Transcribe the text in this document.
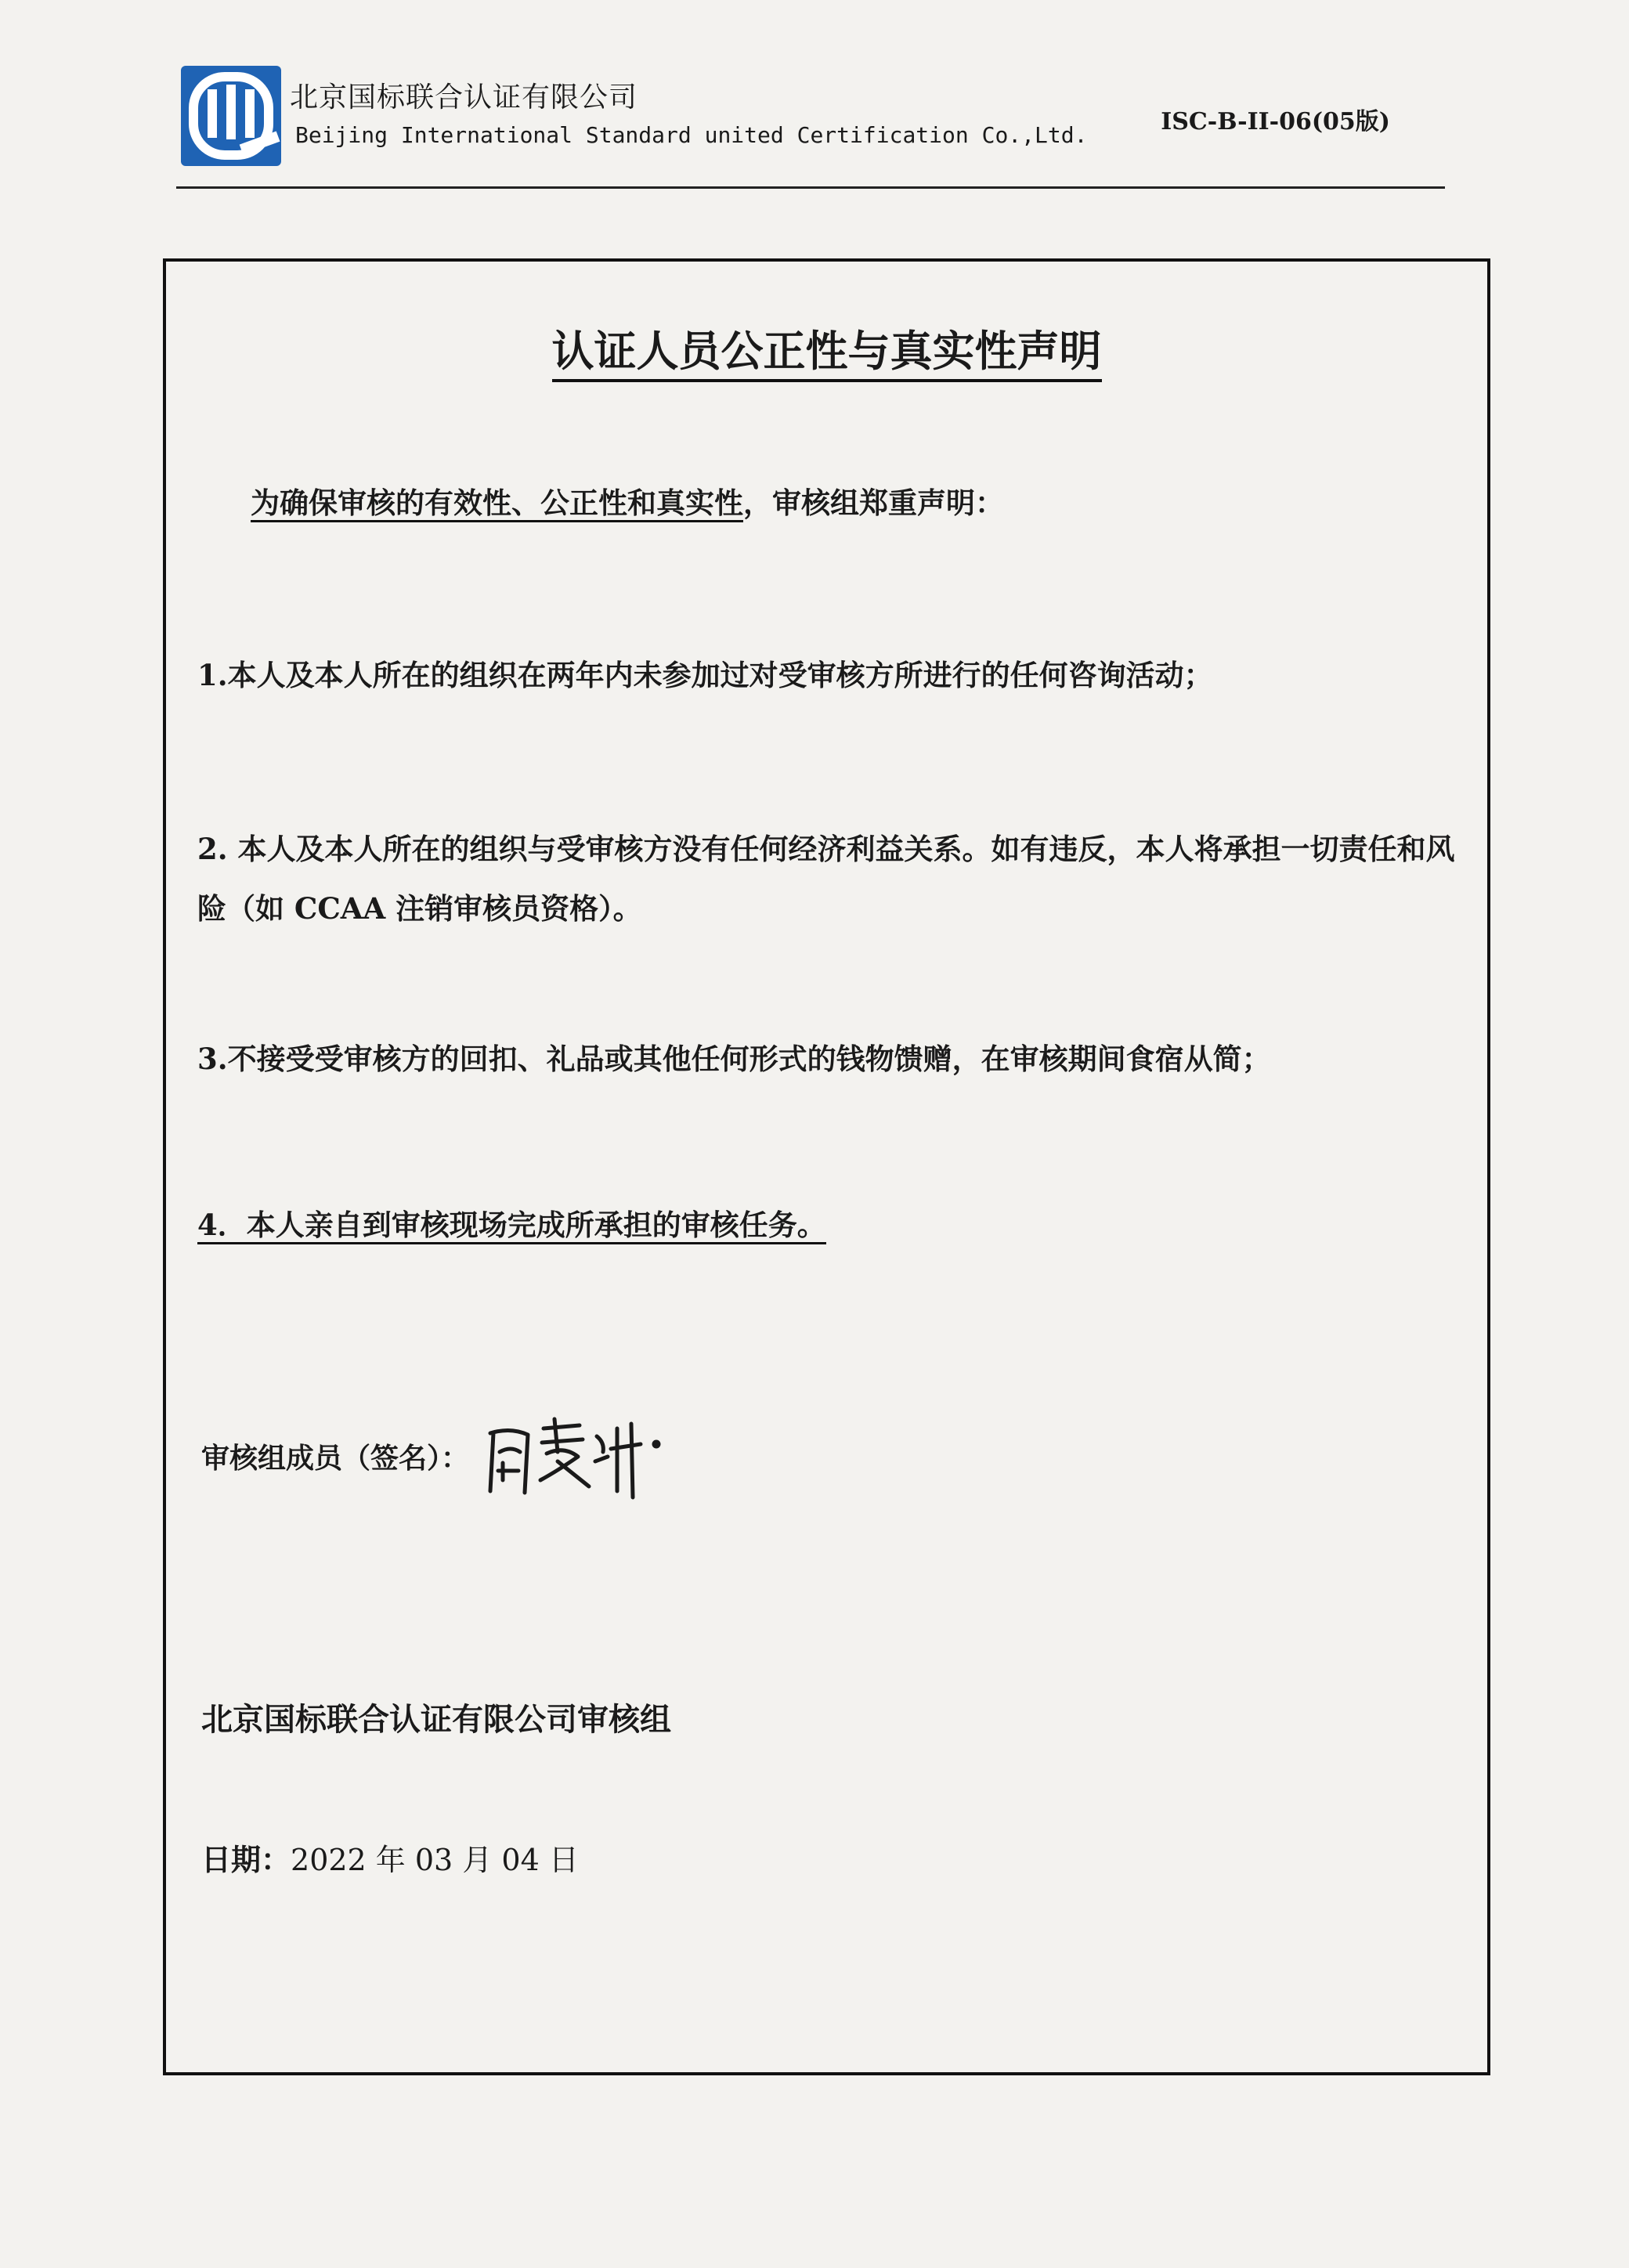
北京国标联合认证有限公司
Beijing International Standard united Certification Co.,Ltd.	ISC-B-II-06(05版)
认证人员公正性与真实性声明
为确保审核的有效性、公正性和真实性，审核组郑重声明：
1.本人及本人所在的组织在两年内未参加过对受审核方所进行的任何咨询活动；
2. 本人及本人所在的组织与受审核方没有任何经济利益关系。如有违反，本人将承担一切责任和风险（如 CCAA 注销审核员资格）。
3.不接受受审核方的回扣、礼品或其他任何形式的钱物馈赠，在审核期间食宿从简；
4．本人亲自到审核现场完成所承担的审核任务。
审核组成员（签名）：
北京国标联合认证有限公司审核组
日期：2022 年 03 月 04 日
